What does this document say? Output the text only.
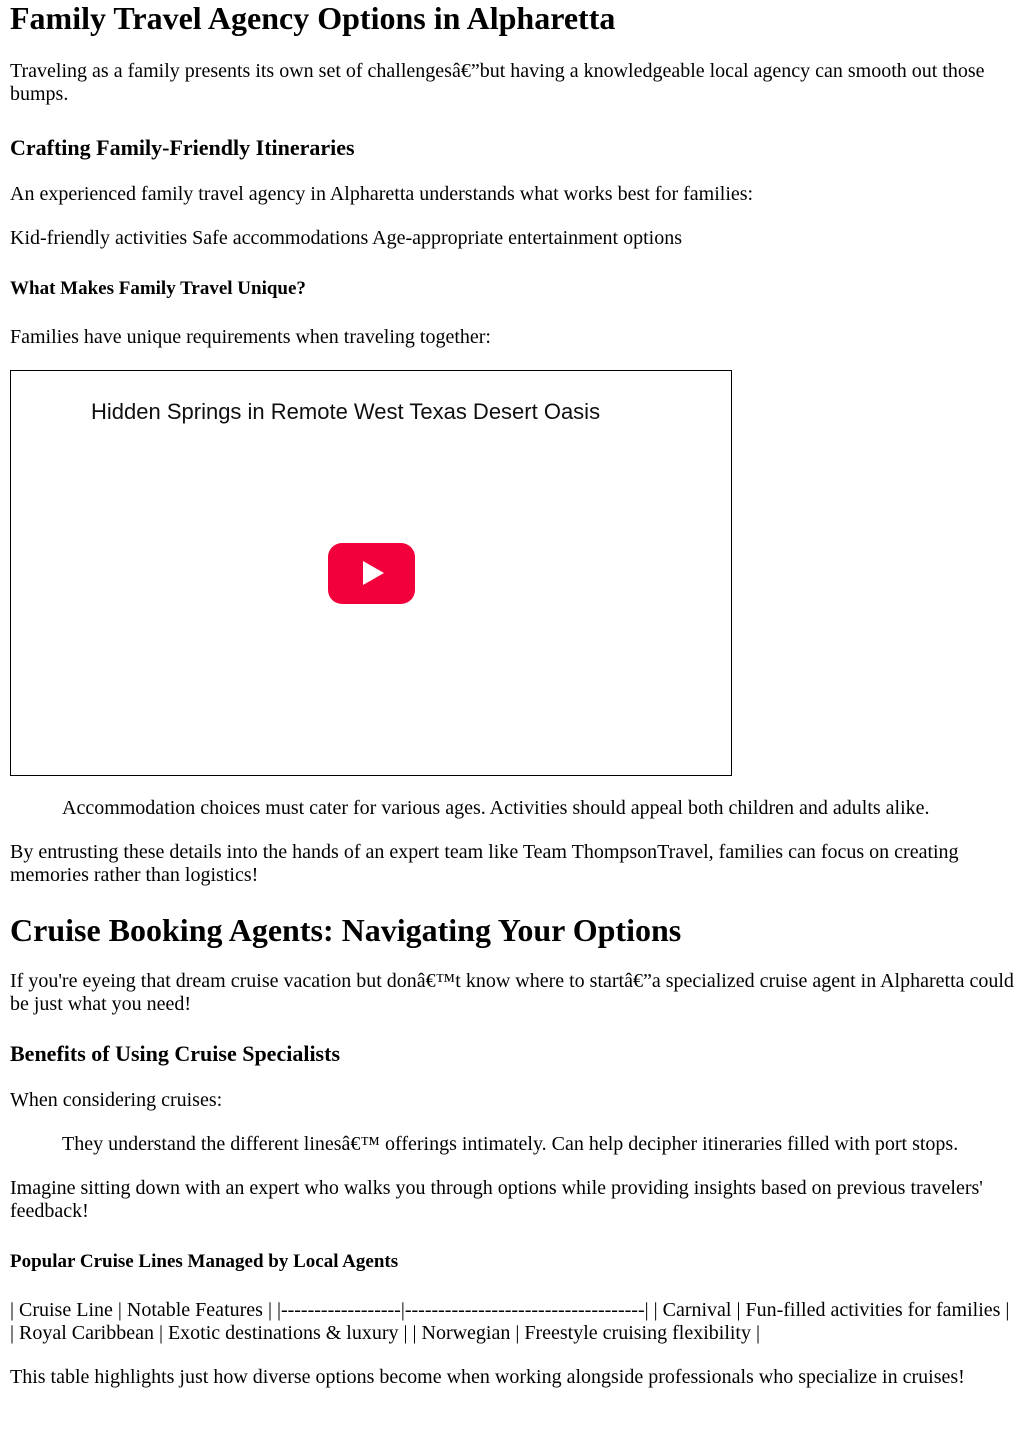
Family Travel Agency Options in Alpharetta

Traveling as a family presents its own set of challengesâ€”but having a knowledgeable local agency can smooth out those bumps.

Crafting Family-Friendly Itineraries

An experienced family travel agency in Alpharetta understands what works best for families:

Kid-friendly activities Safe accommodations Age-appropriate entertainment options

What Makes Family Travel Unique?

Families have unique requirements when traveling together:

Hidden Springs in Remote West Texas Desert Oasis

Accommodation choices must cater for various ages. Activities should appeal both children and adults alike.

By entrusting these details into the hands of an expert team like Team ThompsonTravel, families can focus on creating memories rather than logistics!

Cruise Booking Agents: Navigating Your Options

If you're eyeing that dream cruise vacation but donâ€™t know where to startâ€”a specialized cruise agent in Alpharetta could be just what you need!

Benefits of Using Cruise Specialists

When considering cruises:

They understand the different linesâ€™ offerings intimately. Can help decipher itineraries filled with port stops.

Imagine sitting down with an expert who walks you through options while providing insights based on previous travelers' feedback!

Popular Cruise Lines Managed by Local Agents

| Cruise Line | Notable Features | |------------------|------------------------------------| | Carnival | Fun-filled activities for families | | Royal Caribbean | Exotic destinations & luxury | | Norwegian | Freestyle cruising flexibility |

This table highlights just how diverse options become when working alongside professionals who specialize in cruises!
